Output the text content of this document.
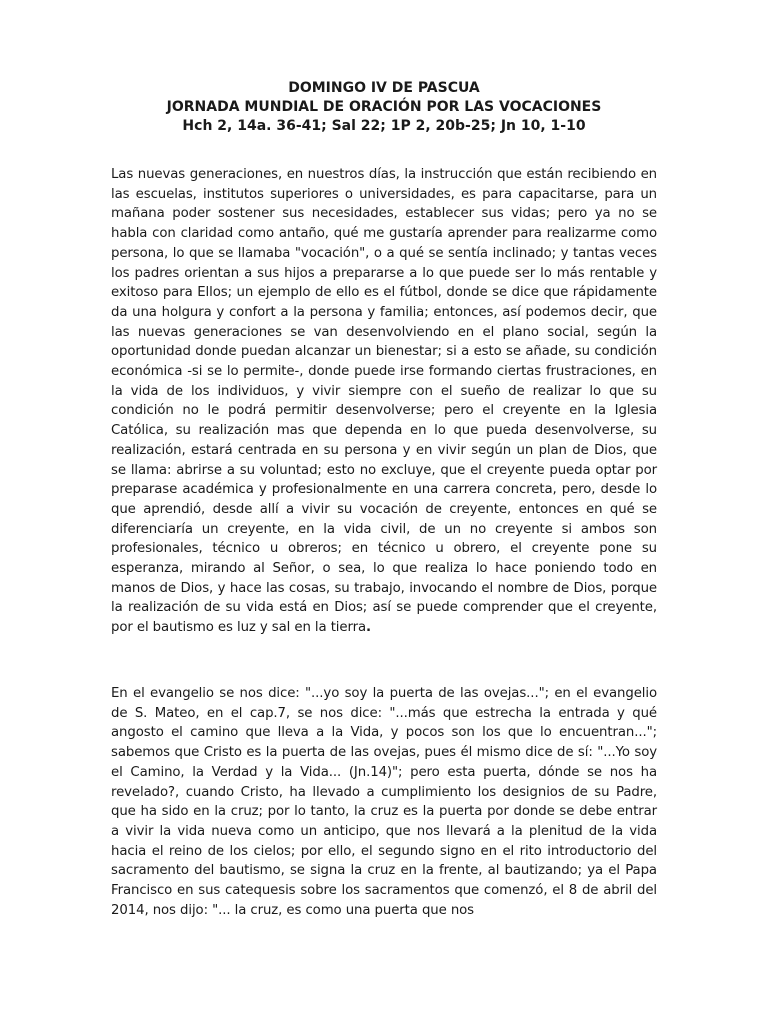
DOMINGO IV DE PASCUA
JORNADA MUNDIAL DE ORACIÓN POR LAS VOCACIONES
Hch 2, 14a. 36-41; Sal 22; 1P 2, 20b-25; Jn 10, 1-10

Las nuevas generaciones, en nuestros días, la instrucción que están recibiendo en las escuelas, institutos superiores o universidades, es para capacitarse, para un mañana poder sostener sus necesidades, establecer sus vidas; pero ya no se habla con claridad como antaño, qué me gustaría aprender para realizarme como persona, lo que se llamaba "vocación", o a qué se sentía inclinado; y tantas veces los padres orientan a sus hijos a prepararse a lo que puede ser lo más rentable y exitoso para Ellos; un ejemplo de ello es el fútbol, donde se dice que rápidamente da una holgura y confort a la persona y familia; entonces, así podemos decir, que las nuevas generaciones se van desenvolviendo en el plano social, según la oportunidad donde puedan alcanzar un bienestar; si a esto se añade, su condición económica -si se lo permite-, donde puede irse formando ciertas frustraciones, en la vida de los individuos, y vivir siempre con el sueño de realizar lo que su condición no le podrá permitir desenvolverse; pero el creyente en la Iglesia Católica, su realización mas que dependa en lo que pueda desenvolverse, su realización, estará centrada en su persona y en vivir según un plan de Dios, que se llama: abrirse a su voluntad; esto no excluye, que el creyente pueda optar por preparase académica y profesionalmente en una carrera concreta, pero, desde lo que aprendió, desde allí a vivir su vocación de creyente, entonces en qué se diferenciaría un creyente, en la vida civil, de un no creyente si ambos son profesionales, técnico u obreros; en técnico u obrero, el creyente pone su esperanza, mirando al Señor, o sea, lo que realiza lo hace poniendo todo en manos de Dios, y hace las cosas, su trabajo, invocando el nombre de Dios, porque la realización de su vida está en Dios; así se puede comprender que el creyente, por el bautismo es luz y sal en la tierra.

En el evangelio se nos dice: "...yo soy la puerta de las ovejas..."; en el evangelio de S. Mateo, en el cap.7, se nos dice: "...más que estrecha la entrada y qué angosto el camino que lleva a la Vida, y pocos son los que lo encuentran..."; sabemos que Cristo es la puerta de las ovejas, pues él mismo dice de sí: "...Yo soy el Camino, la Verdad y la Vida... (Jn.14)"; pero esta puerta, dónde se nos ha revelado?, cuando Cristo, ha llevado a cumplimiento los designios de su Padre, que ha sido en la cruz; por lo tanto, la cruz es la puerta por donde se debe entrar a vivir la vida nueva como un anticipo, que nos llevará a la plenitud de la vida hacia el reino de los cielos; por ello, el segundo signo en el rito introductorio del sacramento del bautismo, se signa la cruz en la frente, al bautizando; ya el Papa Francisco en sus catequesis sobre los sacramentos que comenzó, el 8 de abril del 2014, nos dijo: "... la cruz, es como una puerta que nos
